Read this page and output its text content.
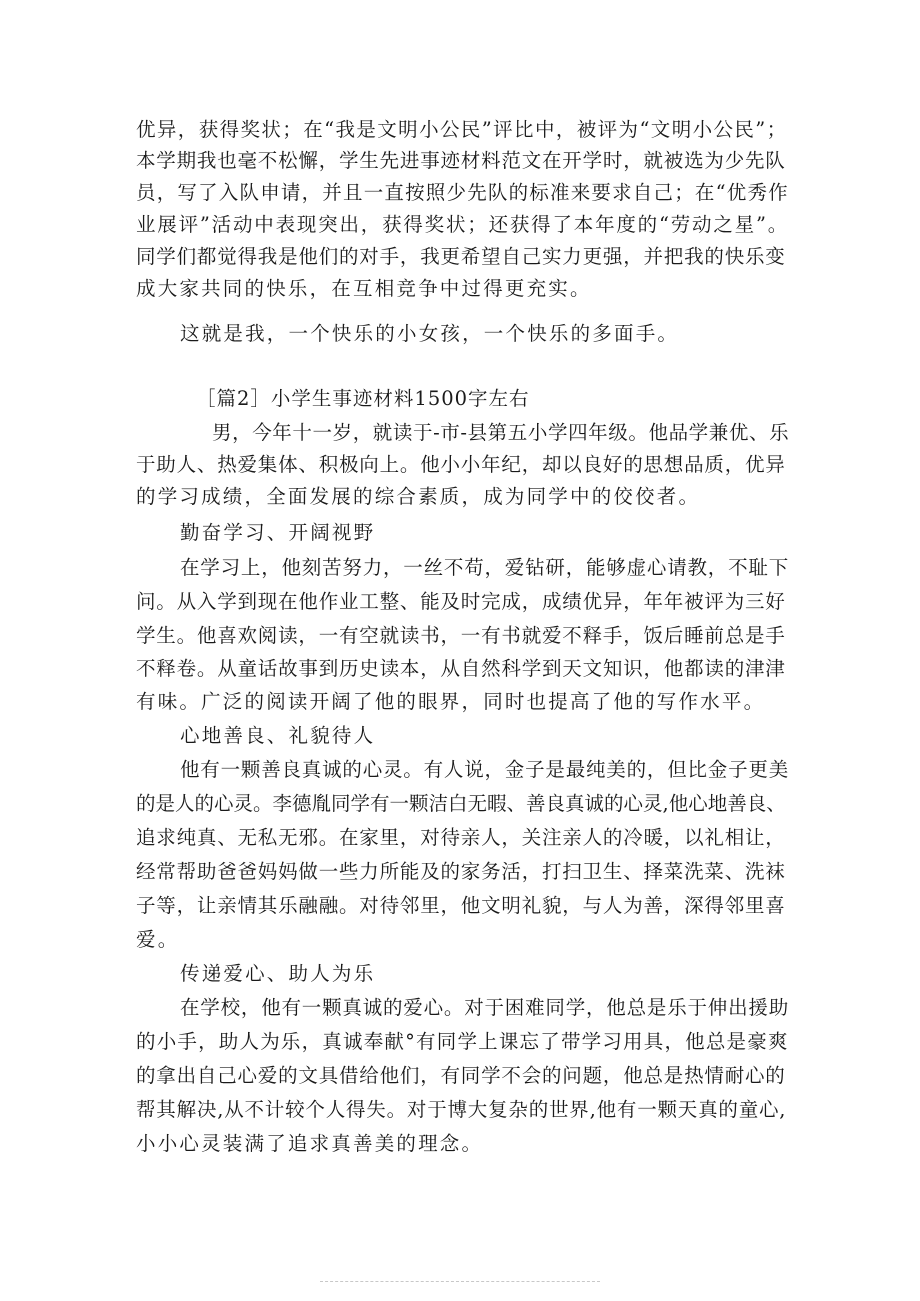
优异，获得奖状；在“我是文明小公民”评比中，被评为“文明小公民”；
本学期我也毫不松懈，学生先进事迹材料范文在开学时，就被选为少先队
员，写了入队申请，并且一直按照少先队的标准来要求自己；在“优秀作
业展评”活动中表现突出，获得奖状；还获得了本年度的“劳动之星”。
同学们都觉得我是他们的对手，我更希望自己实力更强，并把我的快乐变
成大家共同的快乐，在互相竞争中过得更充实。
这就是我，一个快乐的小女孩，一个快乐的多面手。
［篇2］小学生事迹材料1500字左右
男，今年十一岁，就读于-市-县第五小学四年级。他品学兼优、乐
于助人、热爱集体、积极向上。他小小年纪，却以良好的思想品质，优异
的学习成绩，全面发展的综合素质，成为同学中的佼佼者。
勤奋学习、开阔视野
在学习上，他刻苦努力，一丝不苟，爱钻研，能够虚心请教，不耻下
问。从入学到现在他作业工整、能及时完成，成绩优异，年年被评为三好
学生。他喜欢阅读，一有空就读书，一有书就爱不释手，饭后睡前总是手
不释卷。从童话故事到历史读本，从自然科学到天文知识，他都读的津津
有味。广泛的阅读开阔了他的眼界，同时也提高了他的写作水平。
心地善良、礼貌待人
他有一颗善良真诚的心灵。有人说，金子是最纯美的，但比金子更美
的是人的心灵。李德胤同学有一颗洁白无暇、善良真诚的心灵,他心地善良、
追求纯真、无私无邪。在家里，对待亲人，关注亲人的冷暖，以礼相让，
经常帮助爸爸妈妈做一些力所能及的家务活，打扫卫生、择菜洗菜、洗袜
子等，让亲情其乐融融。对待邻里，他文明礼貌，与人为善，深得邻里喜
爱。
传递爱心、助人为乐
在学校，他有一颗真诚的爱心。对于困难同学，他总是乐于伸出援助
的小手，助人为乐，真诚奉献°有同学上课忘了带学习用具，他总是豪爽
的拿出自己心爱的文具借给他们，有同学不会的问题，他总是热情耐心的
帮其解决,从不计较个人得失。对于博大复杂的世界,他有一颗天真的童心,
小小心灵装满了追求真善美的理念。
